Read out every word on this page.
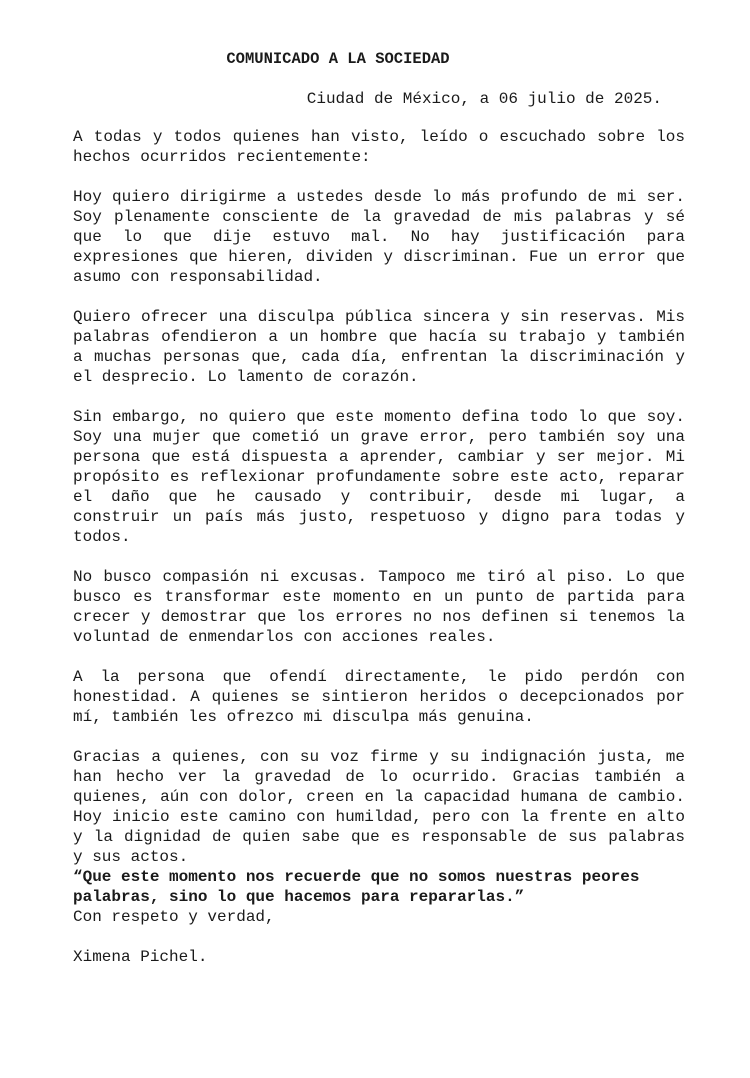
COMUNICADO A LA SOCIEDAD

Ciudad de México, a 06 julio de 2025.

A todas y todos quienes han visto, leído o escuchado sobre los hechos ocurridos recientemente:

Hoy quiero dirigirme a ustedes desde lo más profundo de mi ser. Soy plenamente consciente de la gravedad de mis palabras y sé que lo que dije estuvo mal. No hay justificación para expresiones que hieren, dividen y discriminan. Fue un error que asumo con responsabilidad.

Quiero ofrecer una disculpa pública sincera y sin reservas. Mis palabras ofendieron a un hombre que hacía su trabajo y también a muchas personas que, cada día, enfrentan la discriminación y el desprecio. Lo lamento de corazón.

Sin embargo, no quiero que este momento defina todo lo que soy. Soy una mujer que cometió un grave error, pero también soy una persona que está dispuesta a aprender, cambiar y ser mejor. Mi propósito es reflexionar profundamente sobre este acto, reparar el daño que he causado y contribuir, desde mi lugar, a construir un país más justo, respetuoso y digno para todas y todos.

No busco compasión ni excusas. Tampoco me tiró al piso. Lo que busco es transformar este momento en un punto de partida para crecer y demostrar que los errores no nos definen si tenemos la voluntad de enmendarlos con acciones reales.

A la persona que ofendí directamente, le pido perdón con honestidad. A quienes se sintieron heridos o decepcionados por mí, también les ofrezco mi disculpa más genuina.

Gracias a quienes, con su voz firme y su indignación justa, me han hecho ver la gravedad de lo ocurrido. Gracias también a quienes, aún con dolor, creen en la capacidad humana de cambio. Hoy inicio este camino con humildad, pero con la frente en alto y la dignidad de quien sabe que es responsable de sus palabras y sus actos.

“Que este momento nos recuerde que no somos nuestras peores palabras, sino lo que hacemos para repararlas.”

Con respeto y verdad,

Ximena Pichel.
